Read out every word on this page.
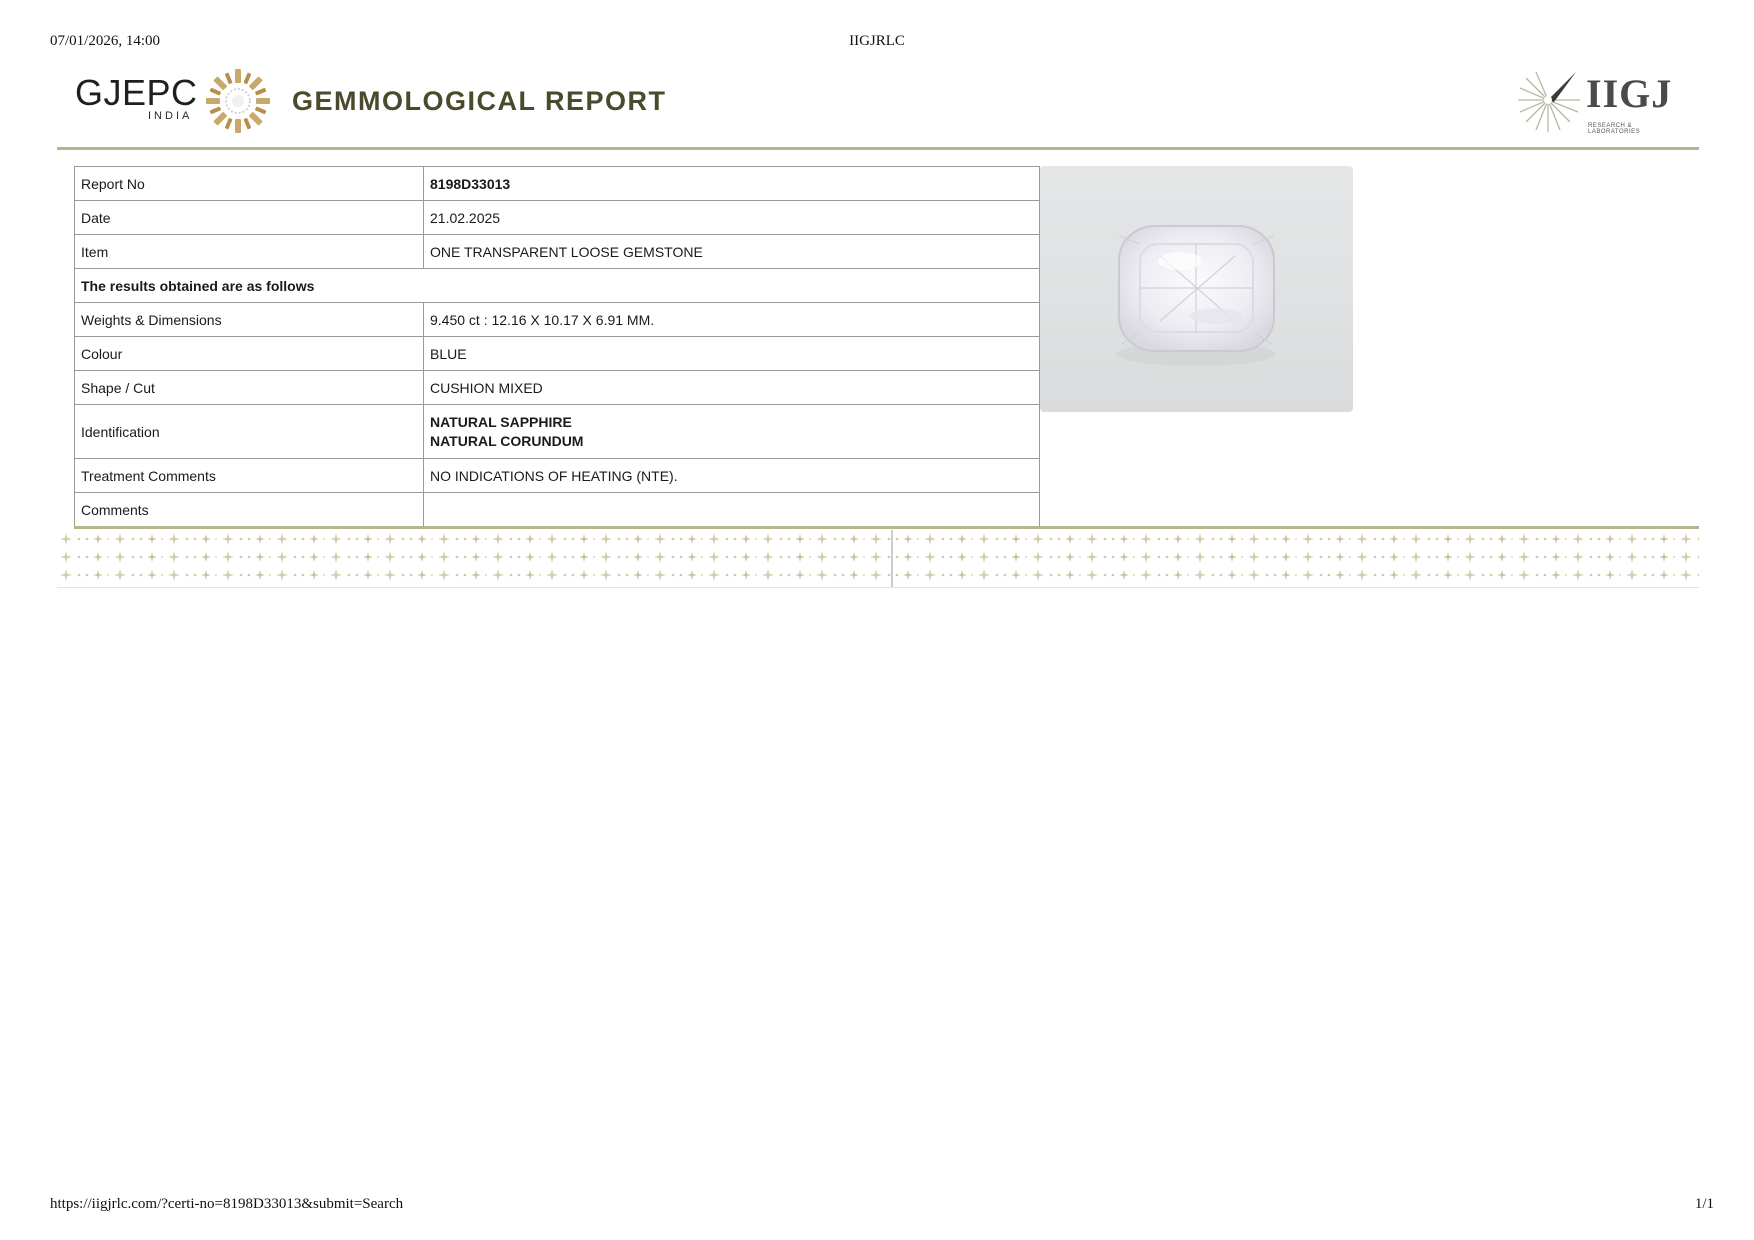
07/01/2026, 14:00	IIGJRLC
GJEPC
INDIA	GEMMOLOGICAL REPORT	IIGJ
RESEARCH & LABORATORIES
Report No	8198D33013
Date	21.02.2025
Item	ONE TRANSPARENT LOOSE GEMSTONE
The results obtained are as follows	
Weights & Dimensions	9.450 ct : 12.16 X 10.17 X 6.91 MM.
Colour	BLUE
Shape / Cut	CUSHION MIXED
Identification	NATURAL SAPPHIRE
NATURAL CORUNDUM

Treatment Comments	NO INDICATIONS OF HEATING (NTE).
Comments	
https://iigjrlc.com/?certi-no=8198D33013&submit=Search	1/1
